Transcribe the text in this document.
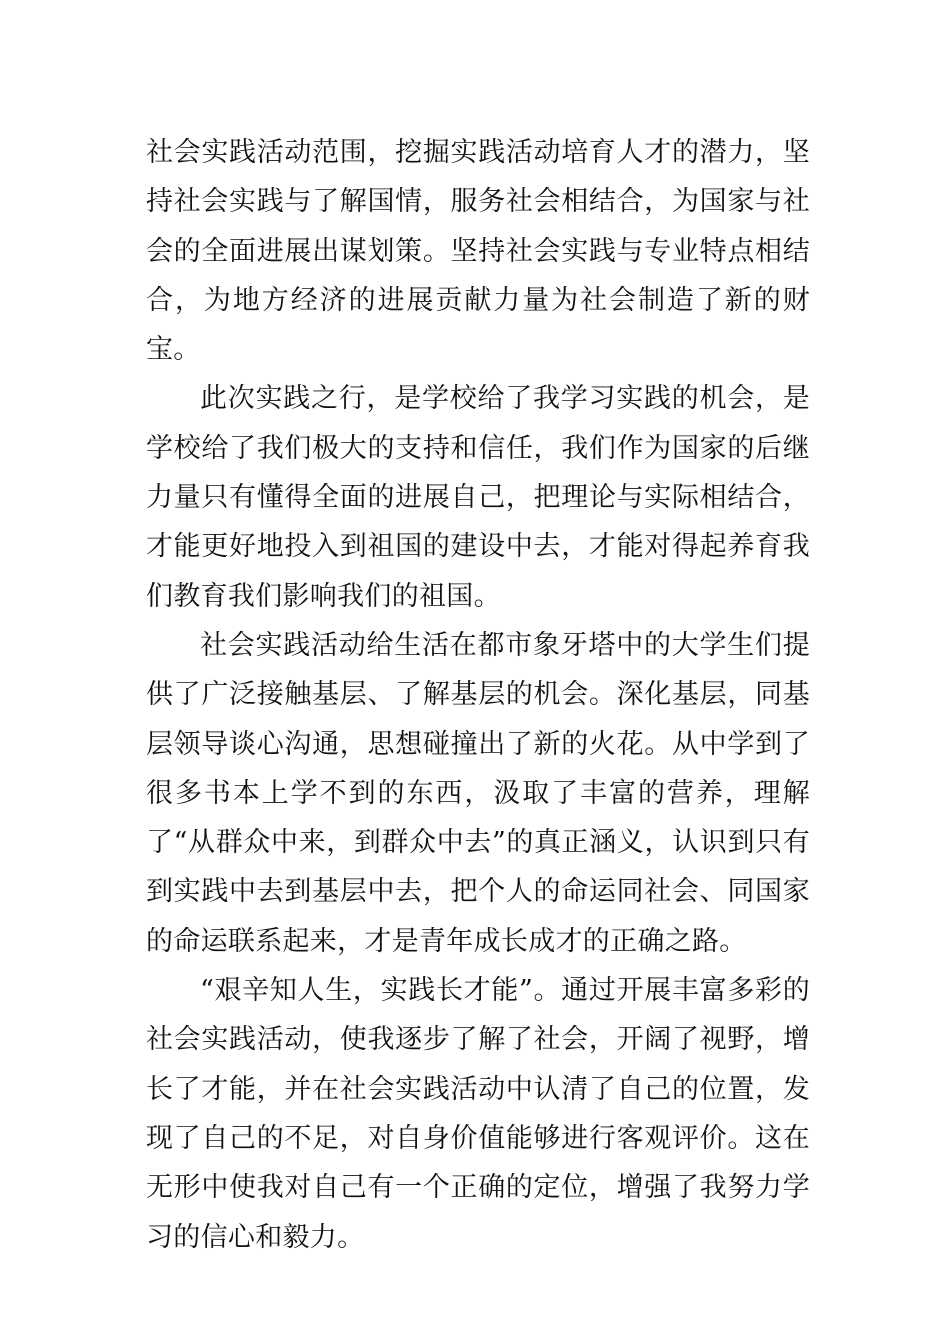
社会实践活动范围，挖掘实践活动培育人才的潜力，坚持社会实践与了解国情，服务社会相结合，为国家与社会的全面进展出谋划策。坚持社会实践与专业特点相结合，为地方经济的进展贡献力量为社会制造了新的财宝。

此次实践之行，是学校给了我学习实践的机会，是学校给了我们极大的支持和信任，我们作为国家的后继力量只有懂得全面的进展自己，把理论与实际相结合，才能更好地投入到祖国的建设中去，才能对得起养育我们教育我们影响我们的祖国。

社会实践活动给生活在都市象牙塔中的大学生们提供了广泛接触基层、了解基层的机会。深化基层，同基层领导谈心沟通，思想碰撞出了新的火花。从中学到了很多书本上学不到的东西，汲取了丰富的营养，理解了“从群众中来，到群众中去”的真正涵义，认识到只有到实践中去到基层中去，把个人的命运同社会、同国家的命运联系起来，才是青年成长成才的正确之路。

“艰辛知人生，实践长才能”。通过开展丰富多彩的社会实践活动，使我逐步了解了社会，开阔了视野，增长了才能，并在社会实践活动中认清了自己的位置，发现了自己的不足，对自身价值能够进行客观评价。这在无形中使我对自己有一个正确的定位，增强了我努力学习的信心和毅力。
